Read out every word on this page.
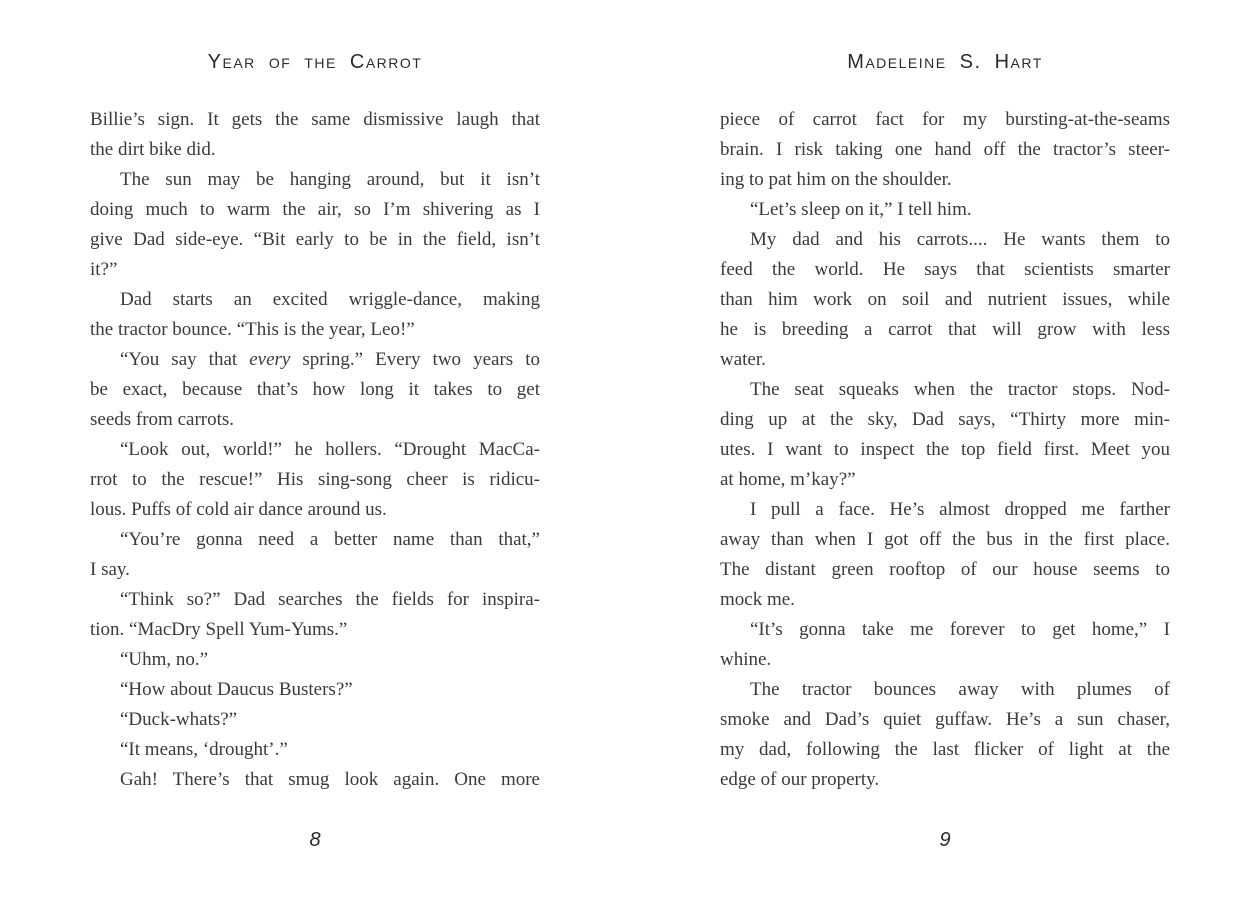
Year of the Carrot
Billie’s sign. It gets the same dismissive laugh that
the dirt bike did.
The sun may be hanging around, but it isn’t
doing much to warm the air, so I’m shivering as I
give Dad side-eye. “Bit early to be in the field, isn’t
it?”
Dad starts an excited wriggle-dance, making
the tractor bounce. “This is the year, Leo!”
“You say that every spring.” Every two years to
be exact, because that’s how long it takes to get
seeds from carrots.
“Look out, world!” he hollers. “Drought MacCa-
rrot to the rescue!” His sing-song cheer is ridicu-
lous. Puffs of cold air dance around us.
“You’re gonna need a better name than that,”
I say.
“Think so?” Dad searches the fields for inspira-
tion. “MacDry Spell Yum-Yums.”
“Uhm, no.”
“How about Daucus Busters?”
“Duck-whats?”
“It means, ‘drought’.”
Gah! There’s that smug look again. One more
8
Madeleine S. Hart
piece of carrot fact for my bursting-at-the-seams
brain. I risk taking one hand off the tractor’s steer-
ing to pat him on the shoulder.
“Let’s sleep on it,” I tell him.
My dad and his carrots.... He wants them to
feed the world. He says that scientists smarter
than him work on soil and nutrient issues, while
he is breeding a carrot that will grow with less
water.
The seat squeaks when the tractor stops. Nod-
ding up at the sky, Dad says, “Thirty more min-
utes. I want to inspect the top field first. Meet you
at home, m’kay?”
I pull a face. He’s almost dropped me farther
away than when I got off the bus in the first place.
The distant green rooftop of our house seems to
mock me.
“It’s gonna take me forever to get home,” I
whine.
The tractor bounces away with plumes of
smoke and Dad’s quiet guffaw. He’s a sun chaser,
my dad, following the last flicker of light at the
edge of our property.
9
